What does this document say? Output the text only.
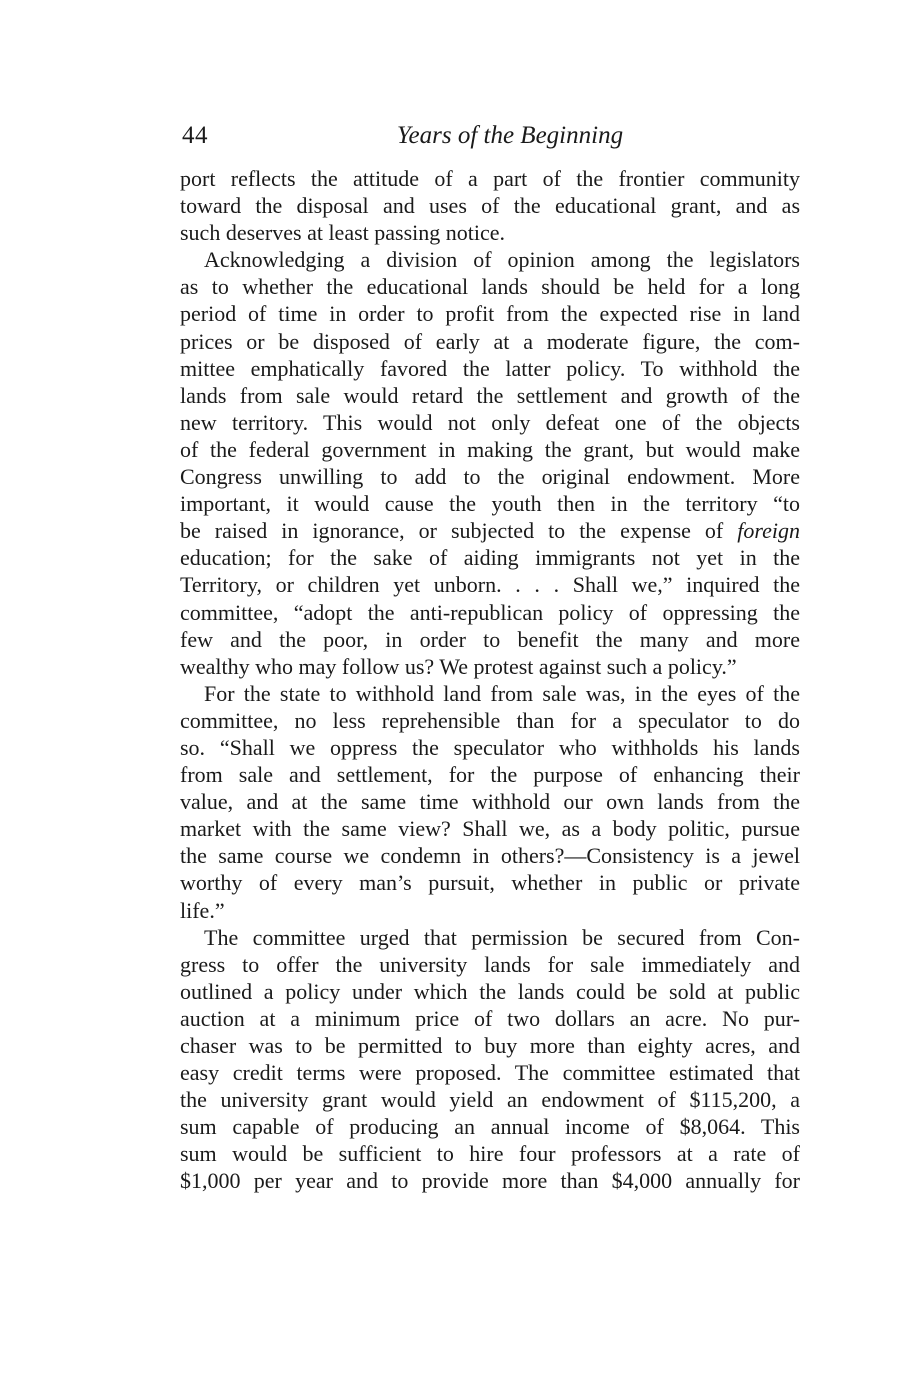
44	Years of the Beginning
port reflects the attitude of a part of the frontier community
toward the disposal and uses of the educational grant, and as
such deserves at least passing notice.
Acknowledging a division of opinion among the legislators
as to whether the educational lands should be held for a long
period of time in order to profit from the expected rise in land
prices or be disposed of early at a moderate figure, the com-
mittee emphatically favored the latter policy. To withhold the
lands from sale would retard the settlement and growth of the
new territory. This would not only defeat one of the objects
of the federal government in making the grant, but would make
Congress unwilling to add to the original endowment. More
important, it would cause the youth then in the territory “to
be raised in ignorance, or subjected to the expense of foreign
education; for the sake of aiding immigrants not yet in the
Territory, or children yet unborn. . . . Shall we,” inquired the
committee, “adopt the anti-republican policy of oppressing the
few and the poor, in order to benefit the many and more
wealthy who may follow us? We protest against such a policy.”
For the state to withhold land from sale was, in the eyes of the
committee, no less reprehensible than for a speculator to do
so. “Shall we oppress the speculator who withholds his lands
from sale and settlement, for the purpose of enhancing their
value, and at the same time withhold our own lands from the
market with the same view? Shall we, as a body politic, pursue
the same course we condemn in others?—Consistency is a jewel
worthy of every man’s pursuit, whether in public or private
life.”
The committee urged that permission be secured from Con-
gress to offer the university lands for sale immediately and
outlined a policy under which the lands could be sold at public
auction at a minimum price of two dollars an acre. No pur-
chaser was to be permitted to buy more than eighty acres, and
easy credit terms were proposed. The committee estimated that
the university grant would yield an endowment of $115,200, a
sum capable of producing an annual income of $8,064. This
sum would be sufficient to hire four professors at a rate of
$1,000 per year and to provide more than $4,000 annually for
